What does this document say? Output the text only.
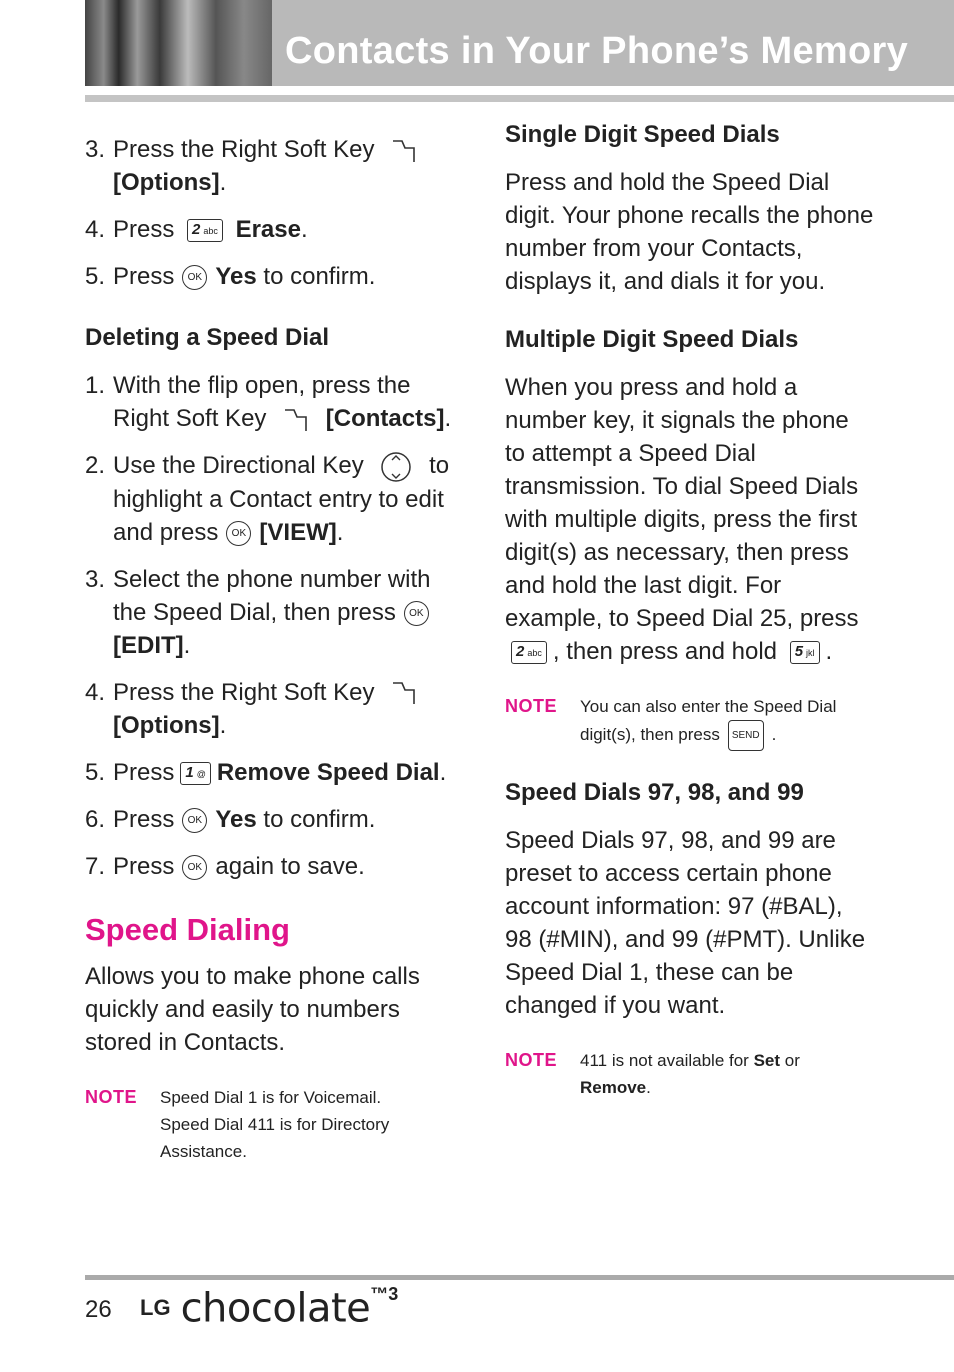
Contacts in Your Phone’s Memory
3. Press the Right Soft Key  [Options].
4. Press 2 abc Erase.
5. Press OK Yes to confirm.
Deleting a Speed Dial
1. With the flip open, press the Right Soft Key [Contacts].
2. Use the Directional Key	to highlight a Contact entry to edit and press OK [VIEW].
3. Select the phone number with the Speed Dial, then press OK
[EDIT].
4. Press the Right Soft Key
[Options].
5. Press 1 @ Remove Speed Dial.
6. Press OK Yes to confirm.
7. Press OK again to save.
Speed Dialing
Allows you to make phone calls quickly and easily to numbers stored in Contacts.
NOTE	Speed Dial 1 is for Voicemail.
Speed Dial 411 is for Directory
Assistance.
Single Digit Speed Dials
Press and hold the Speed Dial digit. Your phone recalls the phone number from your Contacts, displays it, and dials it for you.
Multiple Digit Speed Dials
When you press and hold a number key, it signals the phone to attempt a Speed Dial transmission. To dial Speed Dials with multiple digits, press the first digit(s) as necessary, then press and hold the last digit. For example, to Speed Dial 25, press 2 abc , then press and hold 5 jkl .
NOTE	You can also enter the Speed Dial digit(s), then press SEND .
Speed Dials 97, 98, and 99
Speed Dials 97, 98, and 99 are preset to access certain phone account information: 97 (#BAL), 98 (#MIN), and 99 (#PMT). Unlike Speed Dial 1, these can be changed if you want.
NOTE	411 is not available for Set or Remove.
26 LG chocolate$^{™3}$
